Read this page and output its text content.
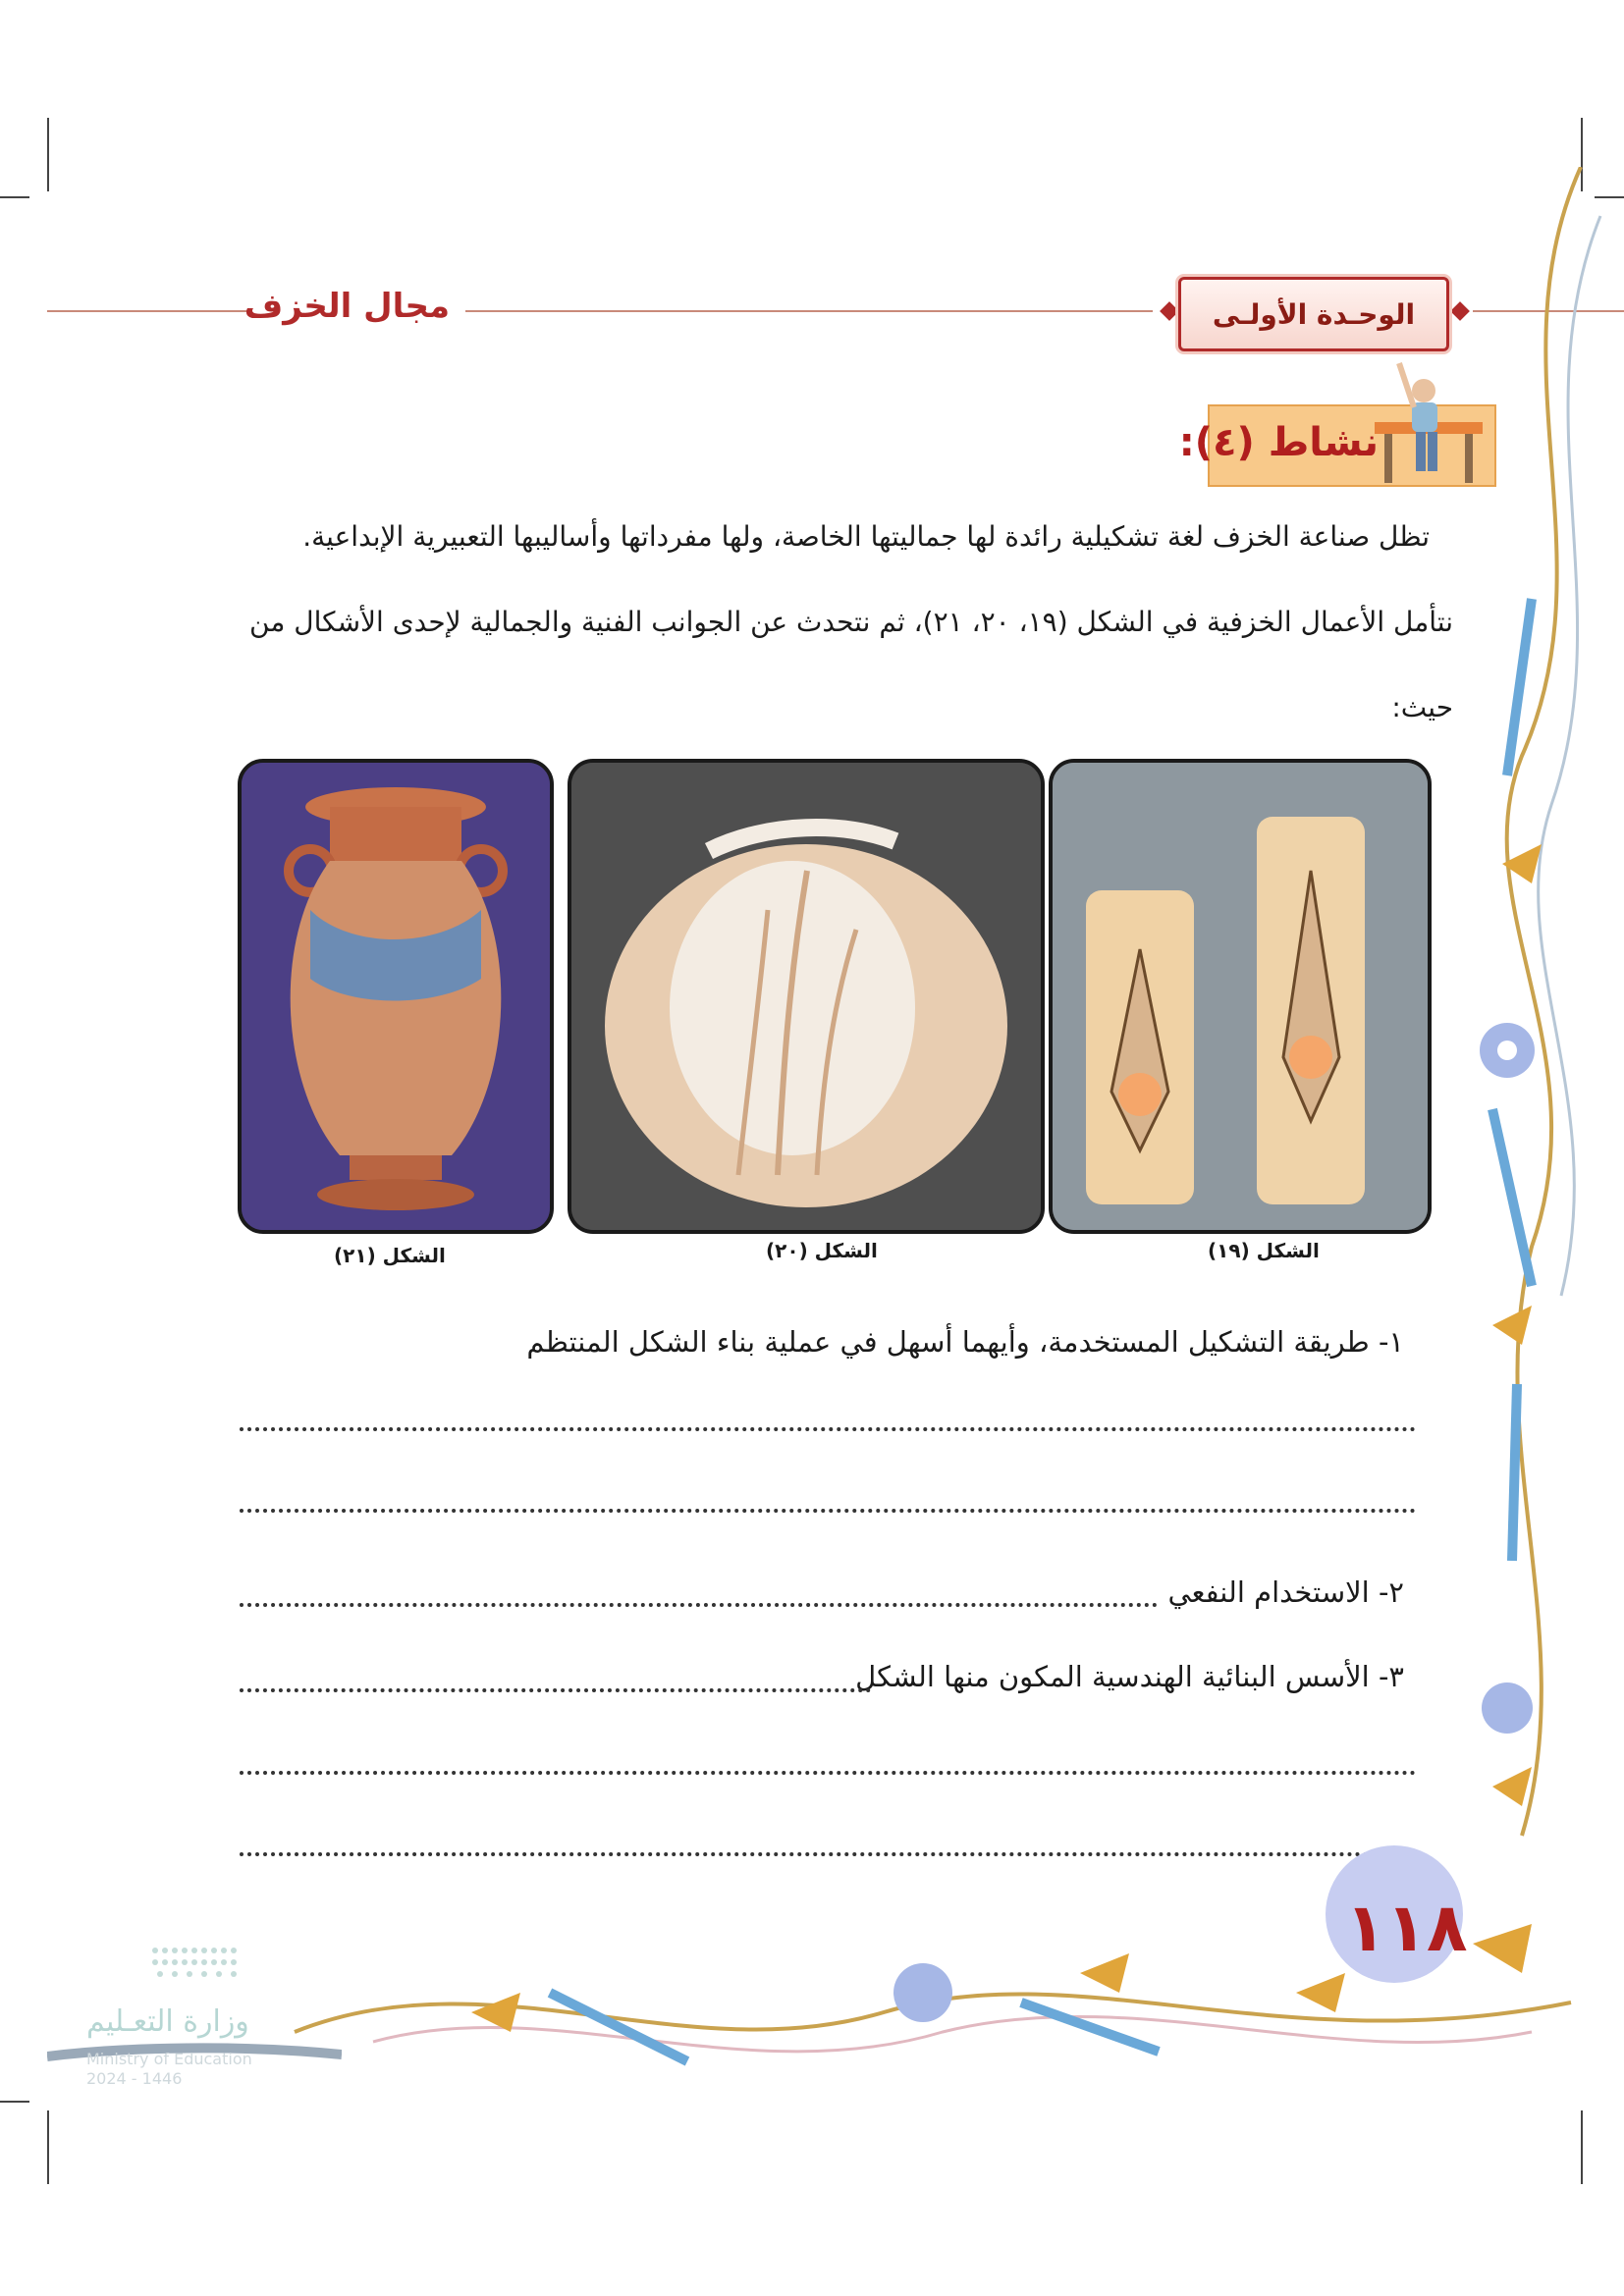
مجال الخزف	الوحـدة الأولـى
نشاط (٤):
تظل صناعة الخزف لغة تشكيلية رائدة لها جماليتها الخاصة، ولها مفرداتها وأساليبها التعبيرية الإبداعية.
نتأمل الأعمال الخزفية في الشكل (١٩، ٢٠، ٢١)، ثم نتحدث عن الجوانب الفنية والجمالية لإحدى الأشكال من
حيث:
الشكل (١٩)
الشكل (٢٠)
الشكل (٢١)
١- طريقة التشكيل المستخدمة، وأيهما أسهل في عملية بناء الشكل المنتظم
٢- الاستخدام النفعي
٣- الأسس البنائية الهندسية المكون منها الشكل
١١٨
وزارة التعـليم
Ministry of Education
2024 - 1446
